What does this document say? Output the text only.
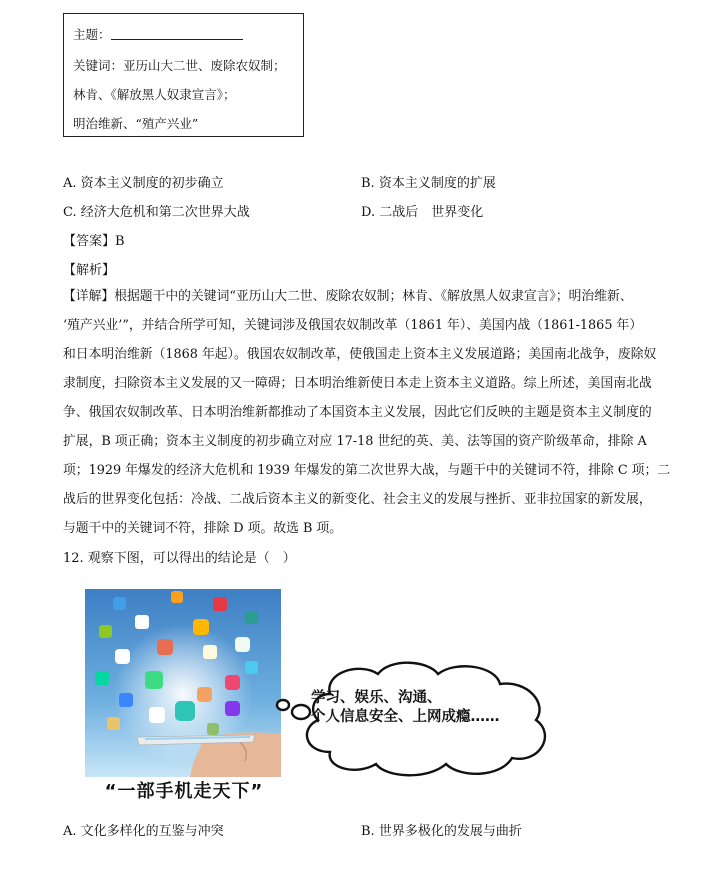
主题：
关键词：亚历山大二世、废除农奴制；
林肯、《解放黑人奴隶宣言》；
明治维新、“殖产兴业”
A. 资本主义制度的初步确立	B. 资本主义制度的扩展
C. 经济大危机和第二次世界大战	D. 二战后　世界变化
【答案】B
【解析】
【详解】根据题干中的关键词“亚历山大二世、废除农奴制；林肯、《解放黑人奴隶宣言》；明治维新、
‘殖产兴业’”，并结合所学可知，关键词涉及俄国农奴制改革（1861 年）、美国内战（1861-1865 年）
和日本明治维新（1868 年起）。俄国农奴制改革，使俄国走上资本主义发展道路；美国南北战争，废除奴
隶制度，扫除资本主义发展的又一障碍；日本明治维新使日本走上资本主义道路。综上所述，美国南北战
争、俄国农奴制改革、日本明治维新都推动了本国资本主义发展，因此它们反映的主题是资本主义制度的
扩展，B 项正确；资本主义制度的初步确立对应 17-18 世纪的英、美、法等国的资产阶级革命，排除 A
项；1929 年爆发的经济大危机和 1939 年爆发的第二次世界大战，与题干中的关键词不符，排除 C 项；二
战后的世界变化包括：冷战、二战后资本主义的新变化、社会主义的发展与挫折、亚非拉国家的新发展，
与题干中的关键词不符，排除 D 项。故选 B 项。
12. 观察下图，可以得出的结论是（　）
“一部手机走天下”
学习、娱乐、沟通、
个人信息安全、上网成瘾……
A. 文化多样化的互鉴与冲突	B. 世界多极化的发展与曲折
